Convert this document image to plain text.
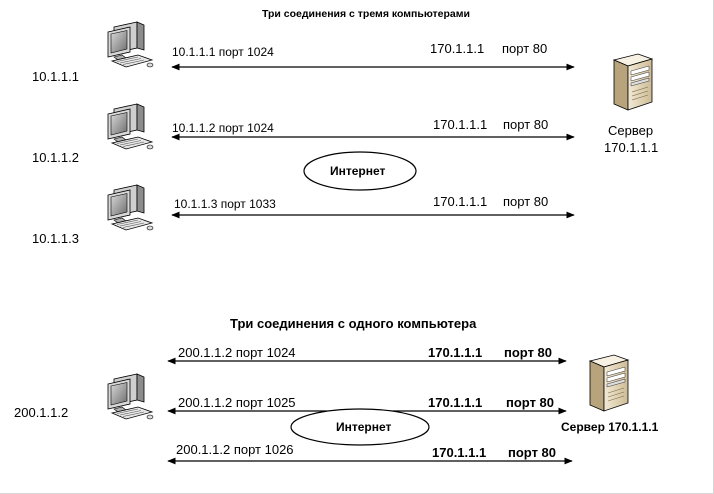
Три соединения с тремя компьютерами
10.1.1.1
10.1.1.2
10.1.1.3
10.1.1.1 порт 1024
10.1.1.2 порт 1024
10.1.1.3 порт 1033
170.1.1.1 порт 80
170.1.1.1 порт 80
170.1.1.1 порт 80
Интернет
Сервер
170.1.1.1
Три соединения с одного компьютера
200.1.1.2
200.1.1.2 порт 1024
200.1.1.2 порт 1025
200.1.1.2 порт 1026
170.1.1.1 порт 80
170.1.1.1 порт 80
170.1.1.1 порт 80
Интернет	Сервер 170.1.1.1
